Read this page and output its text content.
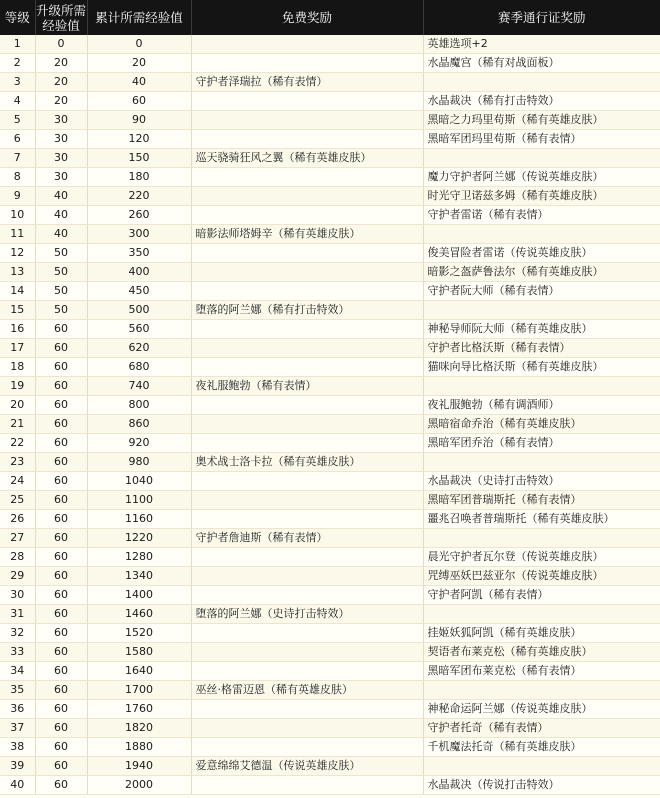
等级	升级所需经验值	累计所需经验值	免费奖励	赛季通行证奖励
1	0	0		英雄选项+2
2	20	20		水晶魔宫（稀有对战面板）
3	20	40	守护者泽瑞拉（稀有表情）	
4	20	60		水晶裁决（稀有打击特效）
5	30	90		黑暗之力玛里苟斯（稀有英雄皮肤）
6	30	120		黑暗军团玛里苟斯（稀有表情）
7	30	150	巡天骁骑狂风之翼（稀有英雄皮肤）	
8	30	180		魔力守护者阿兰娜（传说英雄皮肤）
9	40	220		时光守卫诺兹多姆（稀有英雄皮肤）
10	40	260		守护者雷诺（稀有表情）
11	40	300	暗影法师塔姆辛（稀有英雄皮肤）	
12	50	350		俊美冒险者雷诺（传说英雄皮肤）
13	50	400		暗影之盔萨鲁法尔（稀有英雄皮肤）
14	50	450		守护者阮大师（稀有表情）
15	50	500	堕落的阿兰娜（稀有打击特效）	
16	60	560		神秘导师阮大师（稀有英雄皮肤）
17	60	620		守护者比格沃斯（稀有表情）
18	60	680		猫咪向导比格沃斯（稀有英雄皮肤）
19	60	740	夜礼服鲍勃（稀有表情）	
20	60	800		夜礼服鲍勃（稀有调酒师）
21	60	860		黑暗宿命乔治（稀有英雄皮肤）
22	60	920		黑暗军团乔治（稀有表情）
23	60	980	奥术战士洛卡拉（稀有英雄皮肤）	
24	60	1040		水晶裁决（史诗打击特效）
25	60	1100		黑暗军团普瑞斯托（稀有表情）
26	60	1160		噩兆召唤者普瑞斯托（稀有英雄皮肤）
27	60	1220	守护者詹迪斯（稀有表情）	
28	60	1280		晨光守护者瓦尔登（传说英雄皮肤）
29	60	1340		咒缚巫妖巴兹亚尔（传说英雄皮肤）
30	60	1400		守护者阿凯（稀有表情）
31	60	1460	堕落的阿兰娜（史诗打击特效）	
32	60	1520		挂姬妖狐阿凯（稀有英雄皮肤）
33	60	1580		契语者布莱克松（稀有英雄皮肤）
34	60	1640		黑暗军团布莱克松（稀有表情）
35	60	1700	巫丝·格雷迈恩（稀有英雄皮肤）	
36	60	1760		神秘命运阿兰娜（传说英雄皮肤）
37	60	1820		守护者托奇（稀有表情）
38	60	1880		千机魔法托奇（稀有英雄皮肤）
39	60	1940	爱意绵绵艾德温（传说英雄皮肤）	
40	60	2000		水晶裁决（传说打击特效）
